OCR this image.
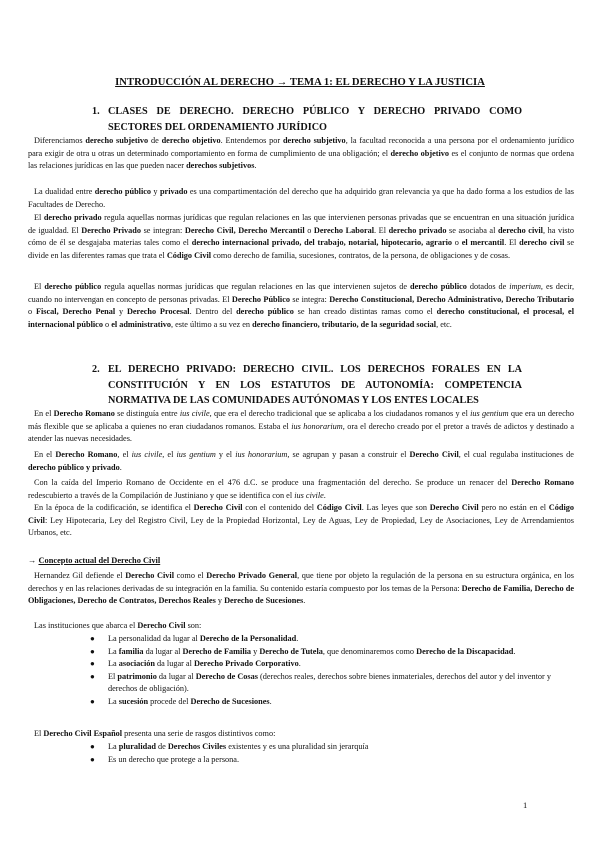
INTRODUCCIÓN AL DERECHO → TEMA 1: EL DERECHO Y LA JUSTICIA
1. CLASES DE DERECHO. DERECHO PÚBLICO Y DERECHO PRIVADO COMO SECTORES DEL ORDENAMIENTO JURÍDICO
Diferenciamos derecho subjetivo de derecho objetivo. Entendemos por derecho subjetivo, la facultad reconocida a una persona por el ordenamiento jurídico para exigir de otra u otras un determinado comportamiento en forma de cumplimiento de una obligación; el derecho objetivo es el conjunto de normas que ordena las relaciones jurídicas en las que pueden nacer derechos subjetivos.
La dualidad entre derecho público y privado es una compartimentación del derecho que ha adquirido gran relevancia ya que ha dado forma a los estudios de las Facultades de Derecho.
El derecho privado regula aquellas normas jurídicas que regulan relaciones en las que intervienen personas privadas que se encuentran en una situación jurídica de igualdad. El Derecho Privado se integran: Derecho Civil, Derecho Mercantil o Derecho Laboral. El derecho privado se asociaba al derecho civil, ha visto cómo de él se desgajaba materias tales como el derecho internacional privado, del trabajo, notarial, hipotecario, agrario o el mercantil. El derecho civil se divide en las diferentes ramas que trata el Código Civil como derecho de familia, sucesiones, contratos, de la persona, de obligaciones y de cosas.
El derecho público regula aquellas normas jurídicas que regulan relaciones en las que intervienen sujetos de derecho público dotados de imperium, es decir, cuando no intervengan en concepto de personas privadas. El Derecho Público se integra: Derecho Constitucional, Derecho Administrativo, Derecho Tributario o Fiscal, Derecho Penal y Derecho Procesal. Dentro del derecho público se han creado distintas ramas como el derecho constitucional, el procesal, el internacional público o el administrativo, este último a su vez en derecho financiero, tributario, de la seguridad social, etc.
2. EL DERECHO PRIVADO: DERECHO CIVIL. LOS DERECHOS FORALES EN LA CONSTITUCIÓN Y EN LOS ESTATUTOS DE AUTONOMÍA: COMPETENCIA NORMATIVA DE LAS COMUNIDADES AUTÓNOMAS Y LOS ENTES LOCALES
En el Derecho Romano se distinguía entre ius civile, que era el derecho tradicional que se aplicaba a los ciudadanos romanos y el ius gentium que era un derecho más flexible que se aplicaba a quienes no eran ciudadanos romanos. Estaba el ius honorarium, ora el derecho creado por el pretor a través de adictos y destinado a atender las nuevas necesidades.
En el Derecho Romano, el ius civile, el ius gentium y el ius honorarium, se agrupan y pasan a construir el Derecho Civil, el cual regulaba instituciones de derecho público y privado.
Con la caída del Imperio Romano de Occidente en el 476 d.C. se produce una fragmentación del derecho. Se produce un renacer del Derecho Romano redescubierto a través de la Compilación de Justiniano y que se identifica con el ius civile.
En la época de la codificación, se identifica el Derecho Civil con el contenido del Código Civil. Las leyes que son Derecho Civil pero no están en el Código Civil: Ley Hipotecaria, Ley del Registro Civil, Ley de la Propiedad Horizontal, Ley de Aguas, Ley de Propiedad, Ley de Asociaciones, Ley de Arrendamientos Urbanos, etc.
→ Concepto actual del Derecho Civil
Hernandez Gil defiende el Derecho Civil como el Derecho Privado General, que tiene por objeto la regulación de la persona en su estructura orgánica, en los derechos y en las relaciones derivadas de su integración en la familia. Su contenido estaría compuesto por los temas de la Persona: Derecho de Familia, Derecho de Obligaciones, Derecho de Contratos, Derechos Reales y Derecho de Sucesiones.
Las instituciones que abarca el Derecho Civil son:
● La personalidad da lugar al Derecho de la Personalidad.
● La familia da lugar al Derecho de Familia y Derecho de Tutela, que denominaremos como Derecho de la Discapacidad.
● La asociación da lugar al Derecho Privado Corporativo.
● El patrimonio da lugar al Derecho de Cosas (derechos reales, derechos sobre bienes inmateriales, derechos del autor y del inventor y derechos de obligación).
● La sucesión procede del Derecho de Sucesiones.
El Derecho Civil Español presenta una serie de rasgos distintivos como:
● La pluralidad de Derechos Civiles existentes y es una pluralidad sin jerarquía
● Es un derecho que protege a la persona.
1
